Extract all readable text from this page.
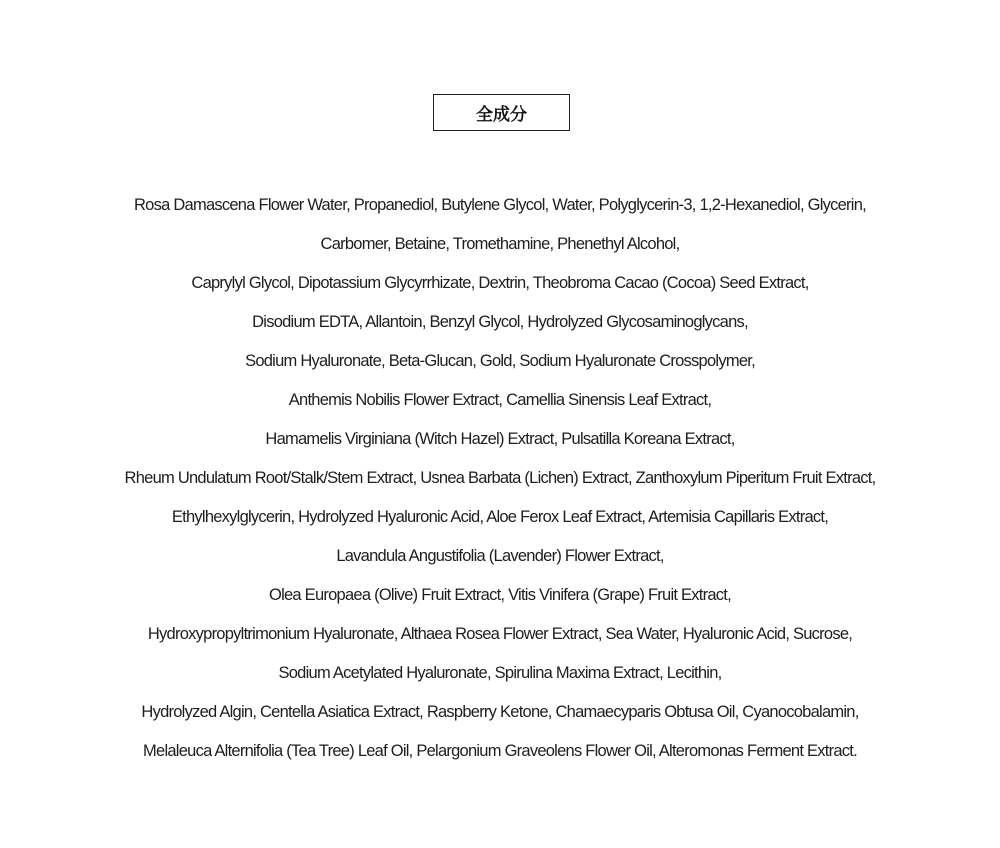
全成分
Rosa Damascena Flower Water, Propanediol, Butylene Glycol, Water, Polyglycerin-3, 1,2-Hexanediol, Glycerin,
Carbomer, Betaine, Tromethamine, Phenethyl Alcohol,
Caprylyl Glycol, Dipotassium Glycyrrhizate, Dextrin, Theobroma Cacao (Cocoa) Seed Extract,
Disodium EDTA, Allantoin, Benzyl Glycol, Hydrolyzed Glycosaminoglycans,
Sodium Hyaluronate, Beta-Glucan, Gold, Sodium Hyaluronate Crosspolymer,
Anthemis Nobilis Flower Extract, Camellia Sinensis Leaf Extract,
Hamamelis Virginiana (Witch Hazel) Extract, Pulsatilla Koreana Extract,
Rheum Undulatum Root/Stalk/Stem Extract, Usnea Barbata (Lichen) Extract, Zanthoxylum Piperitum Fruit Extract,
Ethylhexylglycerin, Hydrolyzed Hyaluronic Acid, Aloe Ferox Leaf Extract, Artemisia Capillaris Extract,
Lavandula Angustifolia (Lavender) Flower Extract,
Olea Europaea (Olive) Fruit Extract, Vitis Vinifera (Grape) Fruit Extract,
Hydroxypropyltrimonium Hyaluronate, Althaea Rosea Flower Extract, Sea Water, Hyaluronic Acid, Sucrose,
Sodium Acetylated Hyaluronate, Spirulina Maxima Extract, Lecithin,
Hydrolyzed Algin, Centella Asiatica Extract, Raspberry Ketone, Chamaecyparis Obtusa Oil, Cyanocobalamin,
Melaleuca Alternifolia (Tea Tree) Leaf Oil, Pelargonium Graveolens Flower Oil, Alteromonas Ferment Extract.
